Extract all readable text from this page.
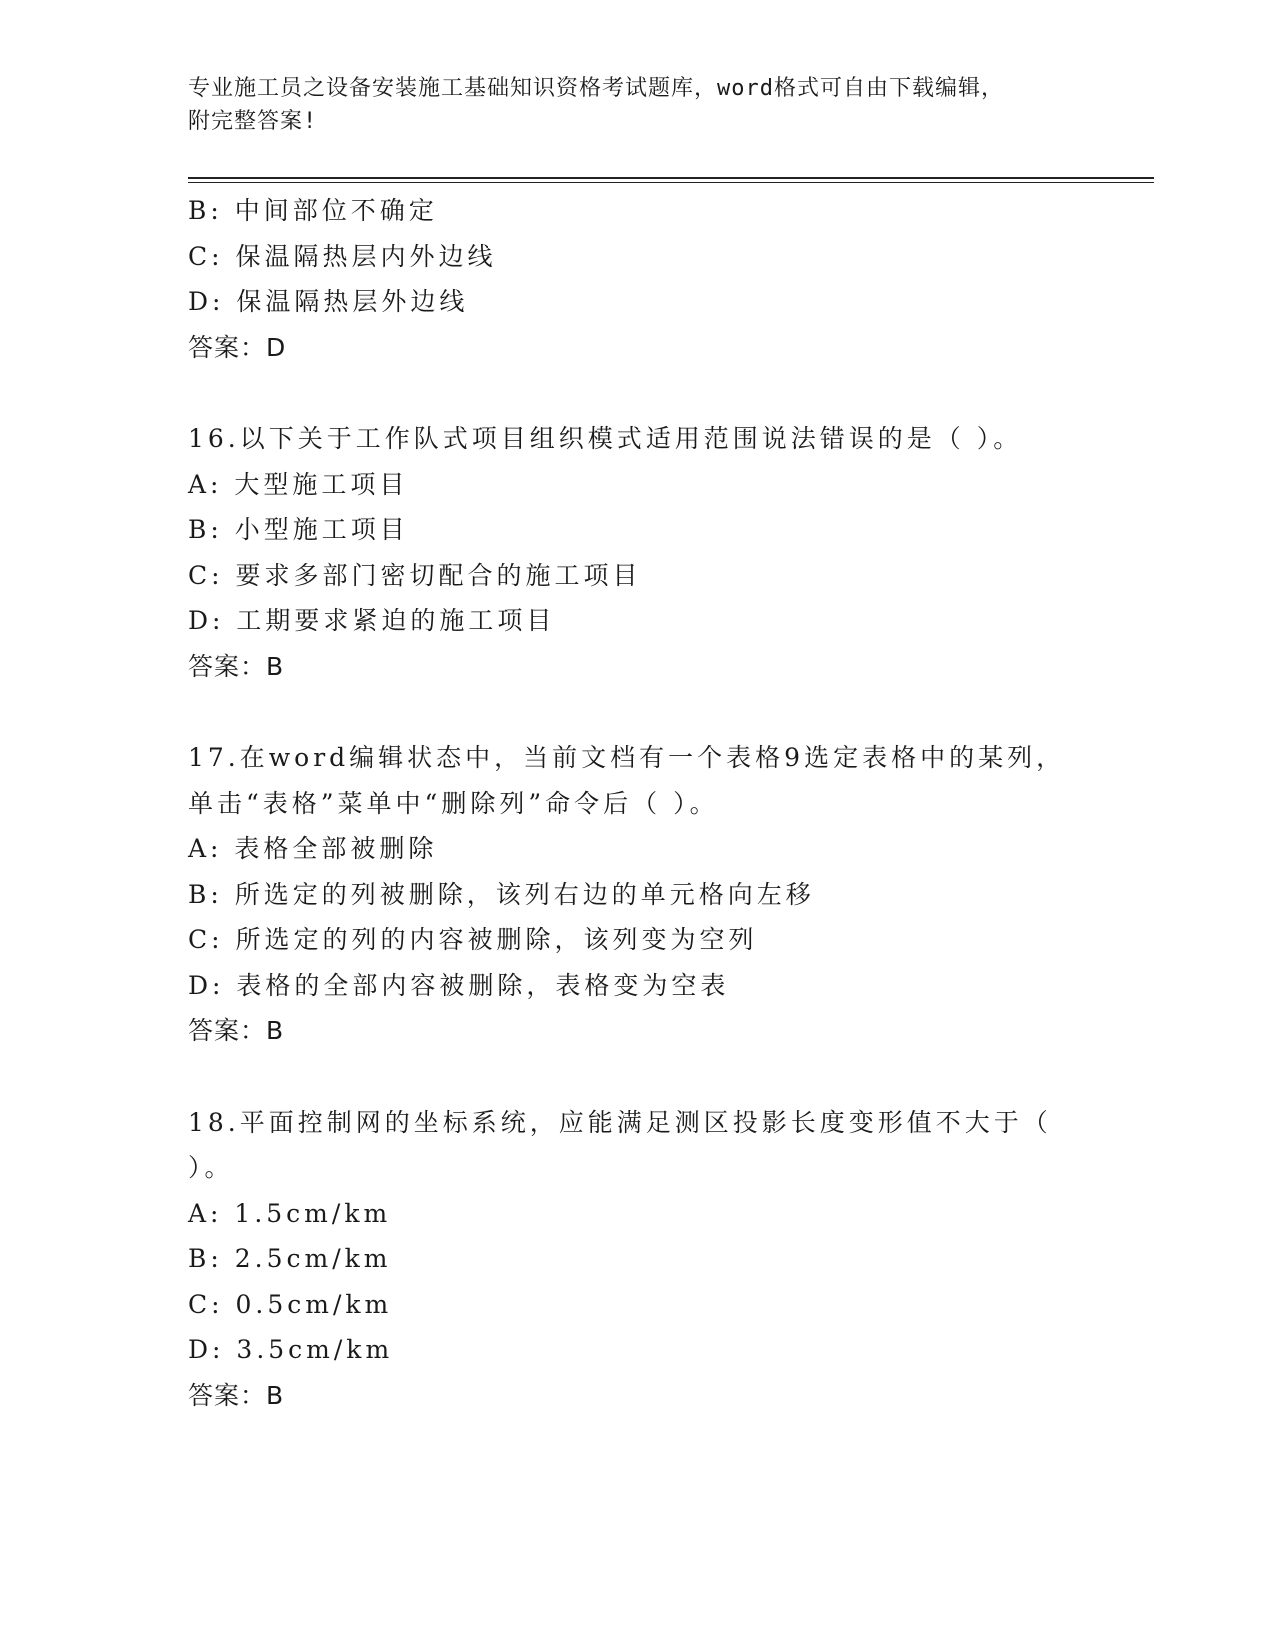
专业施工员之设备安装施工基础知识资格考试题库，word格式可自由下载编辑，
附完整答案!
B: 中间部位不确定
C: 保温隔热层内外边线
D: 保温隔热层外边线
答案：D
16.以下关于工作队式项目组织模式适用范围说法错误的是（ ）。
A: 大型施工项目
B: 小型施工项目
C: 要求多部门密切配合的施工项目
D: 工期要求紧迫的施工项目
答案：B
17.在word编辑状态中，当前文档有一个表格9选定表格中的某列，
单击“表格”菜单中“删除列”命令后（ ）。
A: 表格全部被删除
B: 所选定的列被删除，该列右边的单元格向左移
C: 所选定的列的内容被删除，该列变为空列
D: 表格的全部内容被删除，表格变为空表
答案：B
18.平面控制网的坐标系统，应能满足测区投影长度变形值不大于（
）。
A: 1.5cm/km
B: 2.5cm/km
C: 0.5cm/km
D: 3.5cm/km
答案：B
